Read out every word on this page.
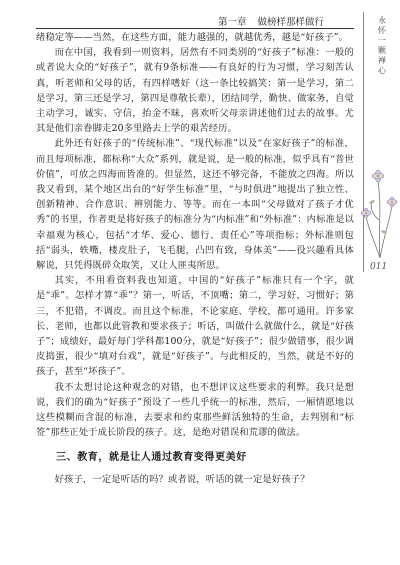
第一章 做榜样那样做行

绪稳定等——当然，在这些方面，能力越强的，就越优秀，越是“好孩子”。

而在中国，我看到一则资料，居然有不同类别的“好孩子”标准：一般的或者说大众的“好孩子”，就有9条标准——有良好的行为习惯，学习刻苦认真，听老师和父母的话，有四样嗜好（这一条比较搞笑：第一是学习，第二是学习，第三还是学习，第四是尊敬长辈），团结同学，勤快、做家务，自觉主动学习，诚实、守信，抬金不昧，喜欢听父母亲讲述他们过去的故事。尤其是他们亲眷脚走20多里路去上学的艰苦经历。

此外还有好孩子的“传统标准”、“现代标准”以及“在家好孩子”的标准，而且每项标准，都标称“大众”系列，就是说，是一般的标准，似乎具有“普世价值”，可放之四海而皆准的。但显然，这还不够完备，不能放之四海。所以我又看到，某个地区出台的“好学生标准”里，“与时俱进”地提出了独立性、创新精神、合作意识、辨别能力、等等。而在一本叫“父母做对了孩子才优秀”的书里，作者更是将好孩子的标准分为“内标准”和“外标准”：内标准是以幸福观为核心，包括“才华、爱心、德行、责任心”等项指标；外标准则包括“弱头，轶嘴，楼皮肚子，飞毛腿，凸凹有致，身体美”——役兴趣看具体解说，只凭得既碎众取笑，又让人匪夷所思。

其实，不用看资料我也知道，中国的“好孩子”标准只有一个字，就是“乖”。怎样才算“乖”？第一，听话，不顶嘴；第二，学习好，习惯好；第三，不犯错，不调皮。而且这个标准，不论家庭、学校，都可通用。许多家长、老师，也都以此管教和要求孩子；听话，叫做什么就做什么，就是“好孩子”；成绩好，最好每门学科都100分，就是“好孩子”；很少做错事，很少调皮捣蛋，很少“填对台戏”，就是“好孩子”。与此相反的，当然，就是不好的孩子，甚至“坏孩子”。

我不太想讨论这种观念的对错，也不想评议这些要求的利弊。我只是想说，我们的确为“好孩子”预设了一些几乎统一的标准，然后，一厢情愿地以这些模糊而含混的标准，去要求和约束那些鲜活独特的生命，去判别和“标签”那些正处于成长阶段的孩子。这，是绝对错误和荒谬的做法。

三、教育，就是让人通过教育变得更美好

好孩子，一定是听话的吗？或者说，听话的就一定是好孩子？

永怀一颗禅心
011
